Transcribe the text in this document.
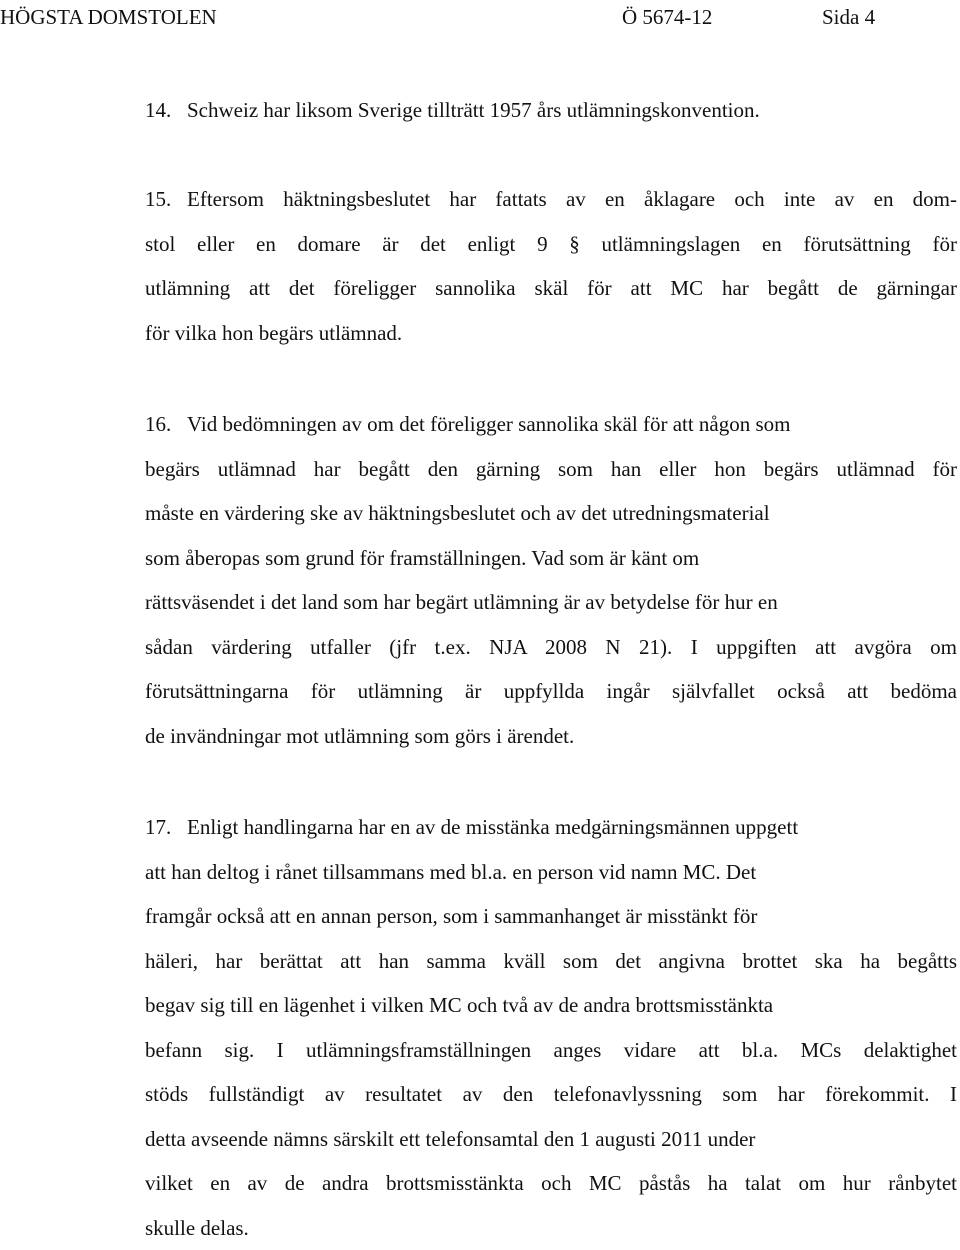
HÖGSTA DOMSTOLEN	Ö 5674-12	Sida 4
14. Schweiz har liksom Sverige tillträtt 1957 års utlämningskonvention.
15. Eftersom häktningsbeslutet har fattats av en åklagare och inte av en dom-
stol eller en domare är det enligt 9 § utlämningslagen en förutsättning för
utlämning att det föreligger sannolika skäl för att MC har begått de gärningar
för vilka hon begärs utlämnad.
16. Vid bedömningen av om det föreligger sannolika skäl för att någon som
begärs utlämnad har begått den gärning som han eller hon begärs utlämnad för
måste en värdering ske av häktningsbeslutet och av det utredningsmaterial
som åberopas som grund för framställningen. Vad som är känt om
rättsväsendet i det land som har begärt utlämning är av betydelse för hur en
sådan värdering utfaller (jfr t.ex. NJA 2008 N 21). I uppgiften att avgöra om
förutsättningarna för utlämning är uppfyllda ingår självfallet också att bedöma
de invändningar mot utlämning som görs i ärendet.
17. Enligt handlingarna har en av de misstänka medgärningsmännen uppgett
att han deltog i rånet tillsammans med bl.a. en person vid namn MC. Det
framgår också att en annan person, som i sammanhanget är misstänkt för
häleri, har berättat att han samma kväll som det angivna brottet ska ha begåtts
begav sig till en lägenhet i vilken MC och två av de andra brottsmisstänkta
befann sig. I utlämningsframställningen anges vidare att bl.a. MCs delaktighet
stöds fullständigt av resultatet av den telefonavlyssning som har förekommit. I
detta avseende nämns särskilt ett telefonsamtal den 1 augusti 2011 under
vilket en av de andra brottsmisstänkta och MC påstås ha talat om hur rånbytet
skulle delas.
